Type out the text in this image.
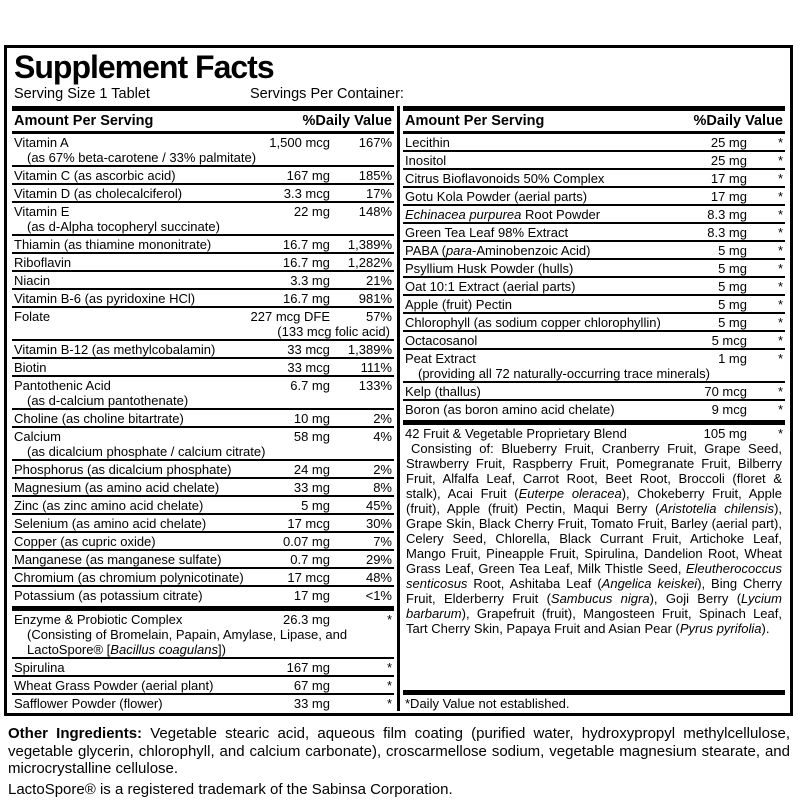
Supplement Facts
Serving Size 1 Tablet	Servings Per Container:
Amount Per Serving	%Daily Value
Vitamin A	1,500 mcg	167%
(as 67% beta-carotene / 33% palmitate)
Vitamin C (as ascorbic acid)	167 mg	185%
Vitamin D (as cholecalciferol)	3.3 mcg	17%
Vitamin E	22 mg	148%
(as d-Alpha tocopheryl succinate)
Thiamin (as thiamine mononitrate)	16.7 mg	1,389%
Riboflavin	16.7 mg	1,282%
Niacin	3.3 mg	21%
Vitamin B-6 (as pyridoxine HCl)	16.7 mg	981%
Folate	227 mcg DFE	57%
(133 mcg folic acid)
Vitamin B-12 (as methylcobalamin)	33 mcg	1,389%
Biotin	33 mcg	111%
Pantothenic Acid	6.7 mg	133%
(as d-calcium pantothenate)
Choline (as choline bitartrate)	10 mg	2%
Calcium	58 mg	4%
(as dicalcium phosphate / calcium citrate)
Phosphorus (as dicalcium phosphate)	24 mg	2%
Magnesium (as amino acid chelate)	33 mg	8%
Zinc (as zinc amino acid chelate)	5 mg	45%
Selenium (as amino acid chelate)	17 mcg	30%
Copper (as cupric oxide)	0.07 mg	7%
Manganese (as manganese sulfate)	0.7 mg	29%
Chromium (as chromium polynicotinate)	17 mcg	48%
Potassium (as potassium citrate)	17 mg	<1%
Enzyme & Probiotic Complex	26.3 mg	*
(Consisting of Bromelain, Papain, Amylase, Lipase, and LactoSpore® [Bacillus coagulans])
Spirulina	167 mg	*
Wheat Grass Powder (aerial plant)	67 mg	*
Safflower Powder (flower)	33 mg	*
Amount Per Serving	%Daily Value
Lecithin	25 mg	*
Inositol	25 mg	*
Citrus Bioflavonoids 50% Complex	17 mg	*
Gotu Kola Powder (aerial parts)	17 mg	*
Echinacea purpurea Root Powder	8.3 mg	*
Green Tea Leaf 98% Extract	8.3 mg	*
PABA (para-Aminobenzoic Acid)	5 mg	*
Psyllium Husk Powder (hulls)	5 mg	*
Oat 10:1 Extract (aerial parts)	5 mg	*
Apple (fruit) Pectin	5 mg	*
Chlorophyll (as sodium copper chlorophyllin)	5 mg	*
Octacosanol	5 mcg	*
Peat Extract	1 mg	*
(providing all 72 naturally-occurring trace minerals)
Kelp (thallus)	70 mcg	*
Boron (as boron amino acid chelate)	9 mcg	*
42 Fruit & Vegetable Proprietary Blend	105 mg	*
Consisting of: Blueberry Fruit, Cranberry Fruit, Grape Seed, Strawberry Fruit, Raspberry Fruit, Pomegranate Fruit, Bilberry Fruit, Alfalfa Leaf, Carrot Root, Beet Root, Broccoli (floret & stalk), Acai Fruit (Euterpe oleracea), Chokeberry Fruit, Apple (fruit), Apple (fruit) Pectin, Maqui Berry (Aristotelia chilensis), Grape Skin, Black Cherry Fruit, Tomato Fruit, Barley (aerial part), Celery Seed, Chlorella, Black Currant Fruit, Artichoke Leaf, Mango Fruit, Pineapple Fruit, Spirulina, Dandelion Root, Wheat Grass Leaf, Green Tea Leaf, Milk Thistle Seed, Eleutherococcus senticosus Root, Ashitaba Leaf (Angelica keiskei), Bing Cherry Fruit, Elderberry Fruit (Sambucus nigra), Goji Berry (Lycium barbarum), Grapefruit (fruit), Mangosteen Fruit, Spinach Leaf, Tart Cherry Skin, Papaya Fruit and Asian Pear (Pyrus pyrifolia).
*Daily Value not established.

Other Ingredients: Vegetable stearic acid, aqueous film coating (purified water, hydroxypropyl methylcellulose, vegetable glycerin, chlorophyll, and calcium carbonate), croscarmellose sodium, vegetable magnesium stearate, and microcrystalline cellulose.

LactoSpore® is a registered trademark of the Sabinsa Corporation.
